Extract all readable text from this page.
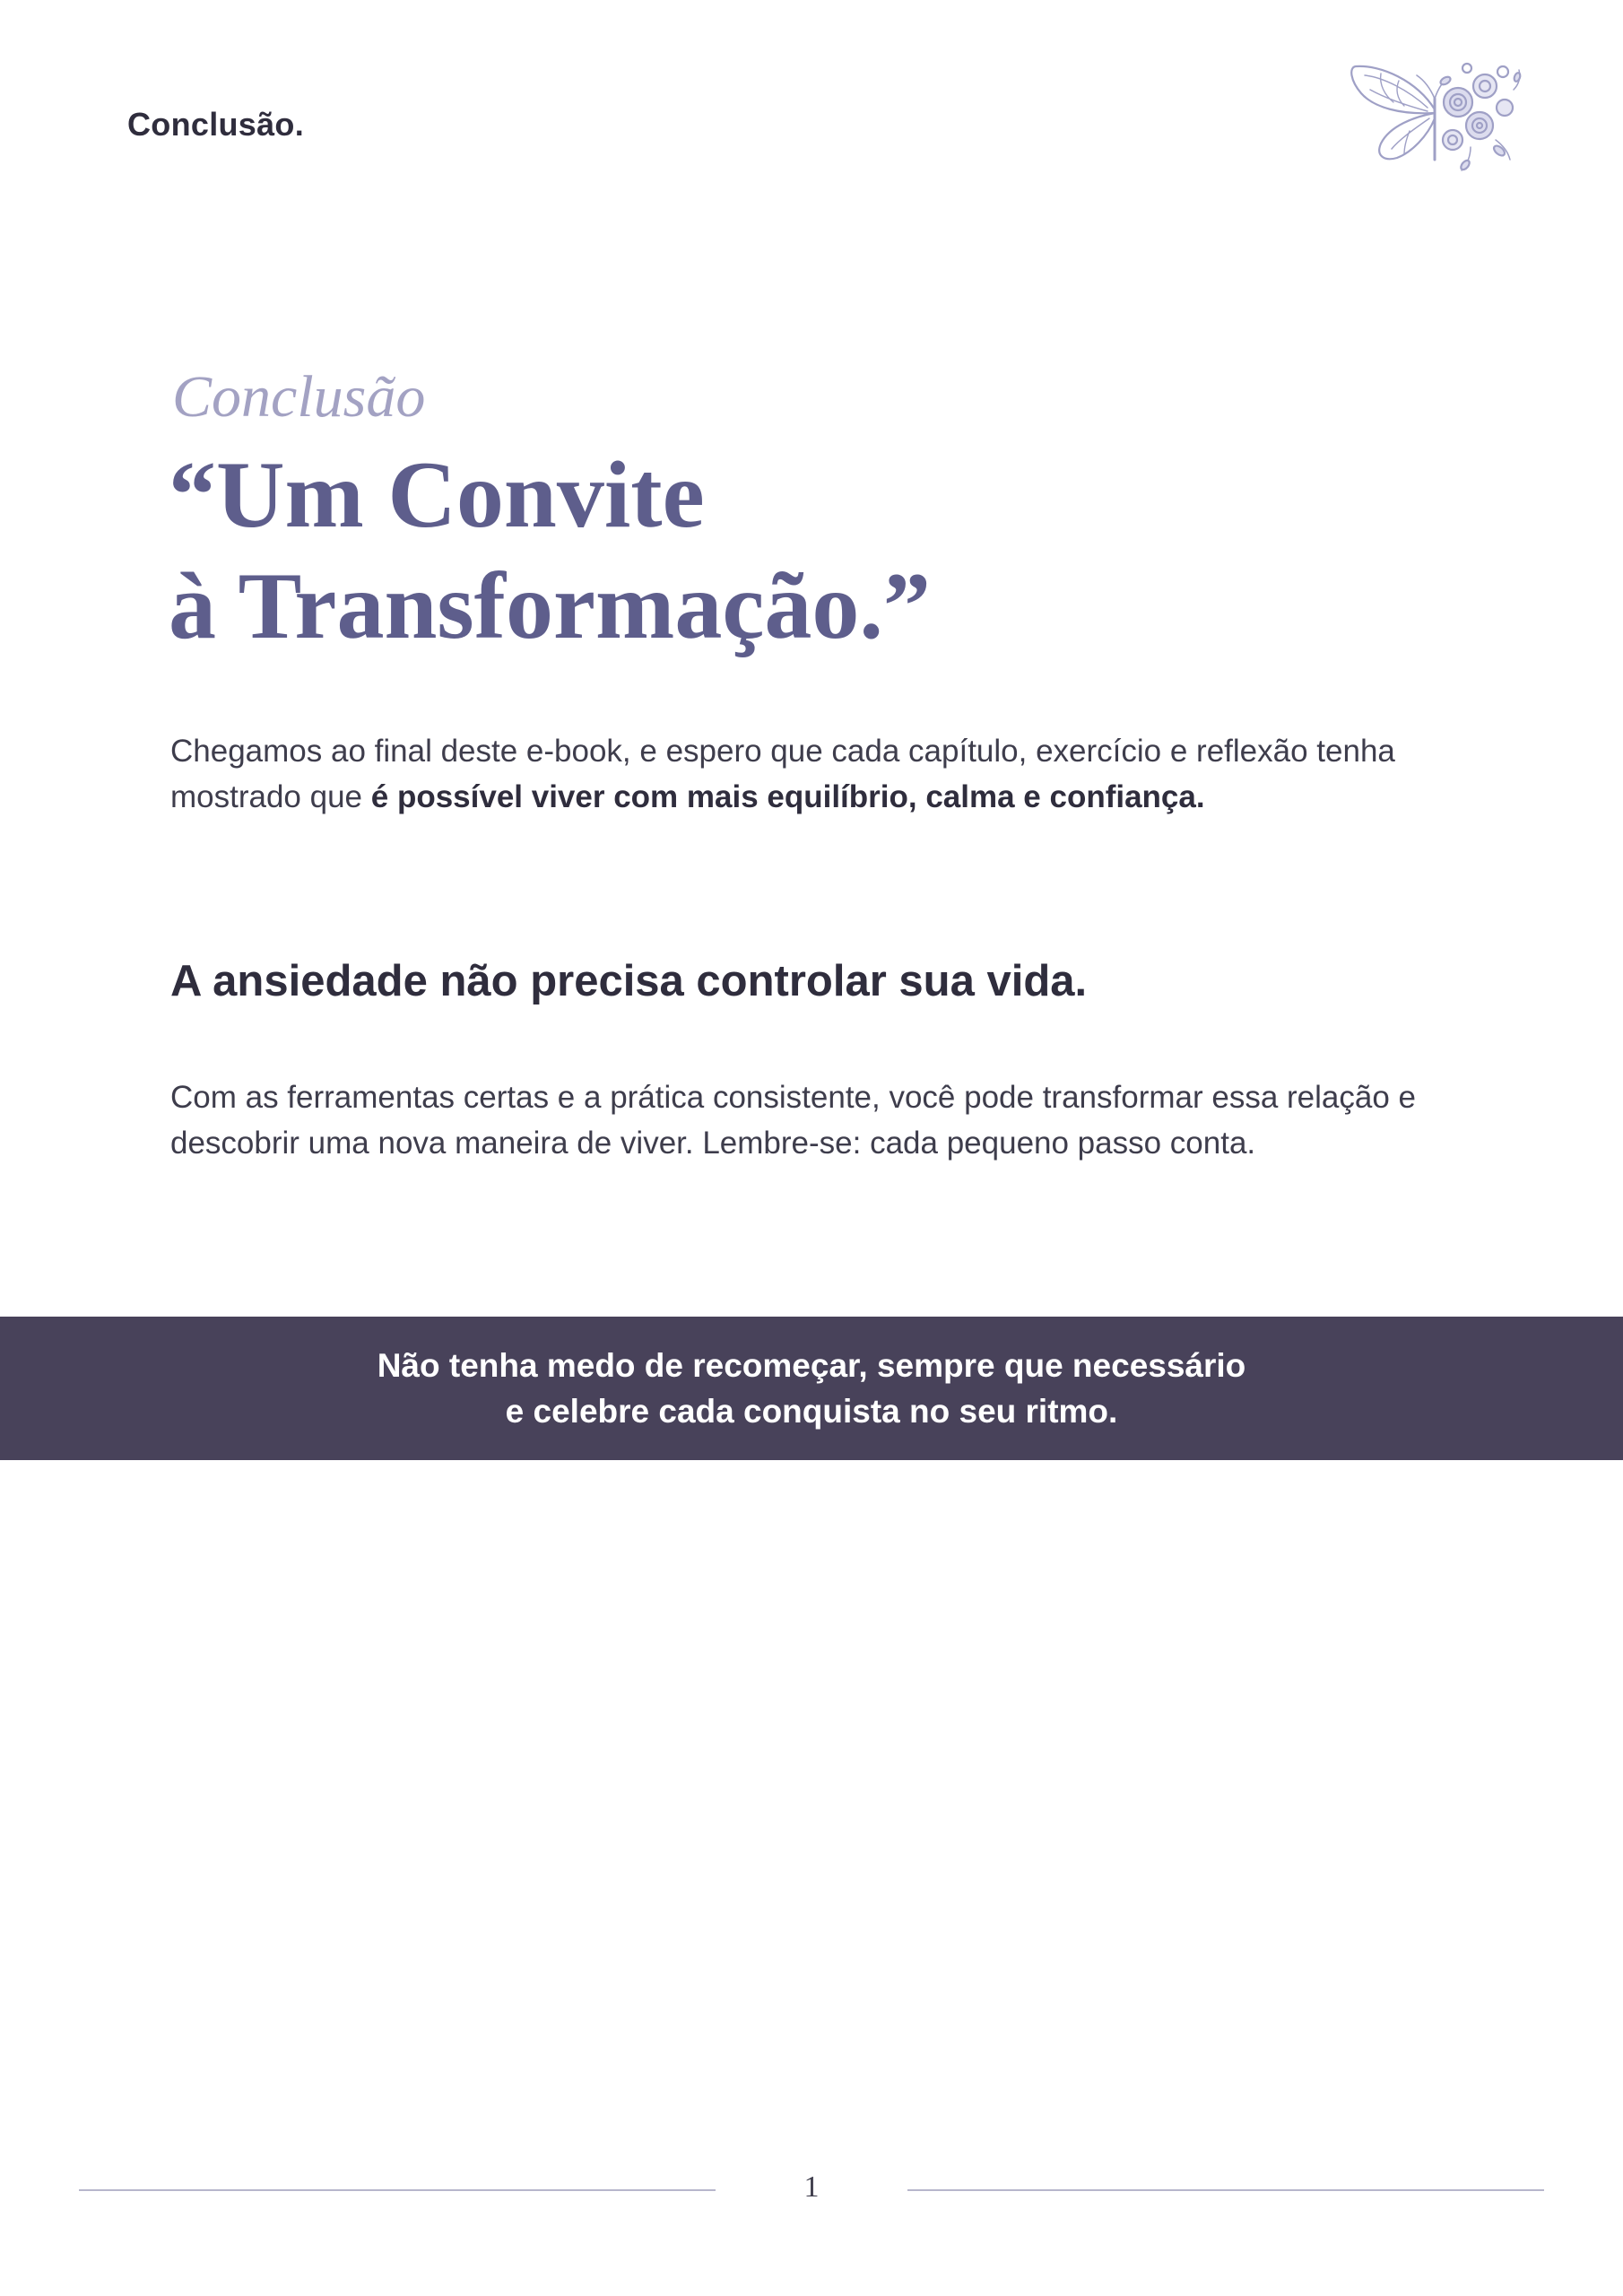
Conclusão.
Conclusão
“Um Convite
à Transformação.”

Chegamos ao final deste e-book, e espero que cada capítulo, exercício e reflexão tenha mostrado que é possível viver com mais equilíbrio, calma e confiança.

A ansiedade não precisa controlar sua vida.

Com as ferramentas certas e a prática consistente, você pode transformar essa relação e descobrir uma nova maneira de viver. Lembre-se: cada pequeno passo conta.

Não tenha medo de recomeçar, sempre que necessário
e celebre cada conquista no seu ritmo.
1
